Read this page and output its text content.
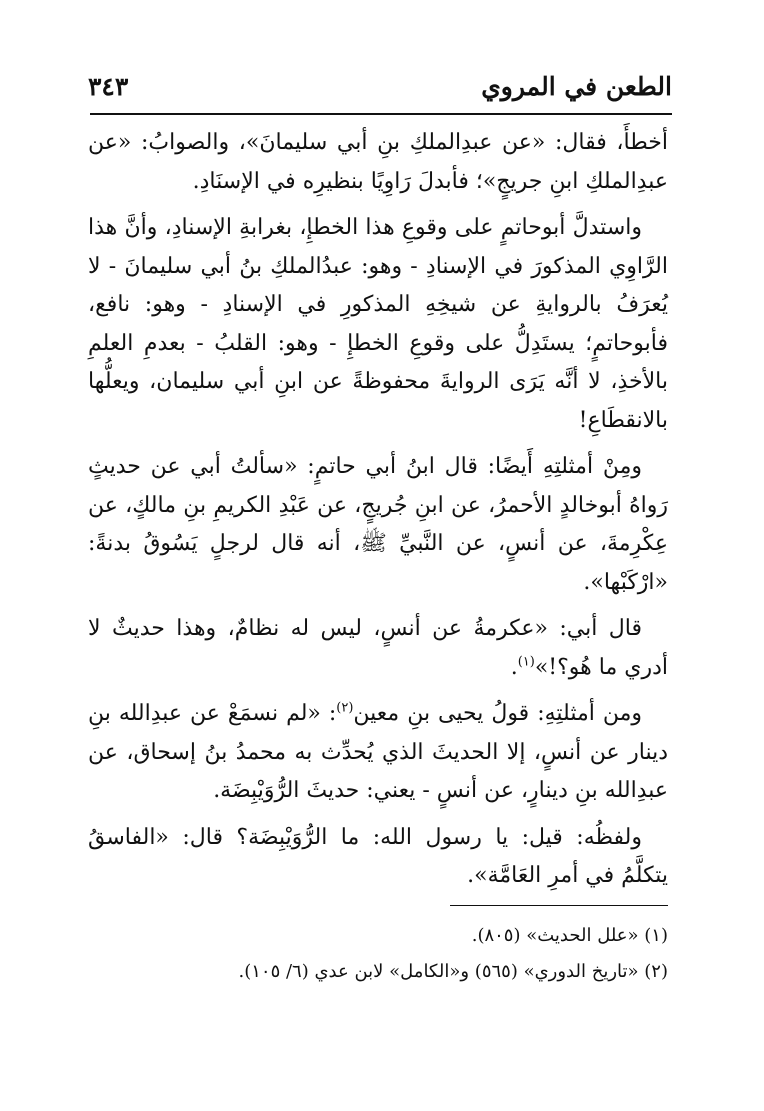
الطعن في المروي
٣٤٣

أخطأَ، فقال: «عن عبدِالملكِ بنِ أبي سليمانَ»، والصوابُ: «عن عبدِالملكِ ابنِ جريجٍ»؛ فأبدلَ رَاوِيًا بنظيرِه في الإسنَادِ.

واستدلَّ أبوحاتمٍ على وقوعِ هذا الخطإِ، بغرابةِ الإسنادِ، وأنَّ هذا الرَّاوِي المذكورَ في الإسنادِ - وهو: عبدُالملكِ بنُ أبي سليمانَ - لا يُعرَفُ بالروايةِ عن شيخِهِ المذكورِ في الإسنادِ - وهو: نافع، فأبوحاتمٍ؛ يستَدِلُّ على وقوعِ الخطإِ - وهو: القلبُ - بعدمِ العلمِ بالأخذِ، لا أنَّه يَرَى الروايةَ محفوظةً عن ابنِ أبي سليمان، ويعلُّها بالانقطَاعِ!

ومِنْ أمثلتِهِ أَيضًا: قال ابنُ أبي حاتمٍ: «سألتُ أبي عن حديثٍ رَواهُ أبوخالدٍ الأحمرُ، عن ابنِ جُريجٍ، عن عَبْدِ الكريمِ بنِ مالكٍ، عن عِكْرِمةَ، عن أنسٍ، عن النَّبيِّ ﷺ، أنه قال لرجلٍ يَسُوقُ بدنةً: «ارْكَبْها».

قال أبي: «عكرمةُ عن أنسٍ، ليس له نظامٌ، وهذا حديثٌ لا أدري ما هُو؟!»$^{(١)}$.

ومن أمثلتِهِ: قولُ يحيى بنِ معين$^{(٢)}$: «لم نسمَعْ عن عبدِالله بنِ دينار عن أنسٍ، إلا الحديثَ الذي يُحدِّث به محمدُ بنُ إسحاق، عن عبدِالله بنِ دينارٍ، عن أنسٍ - يعني: حديثَ الرُّوَيْبِضَة.

ولفظُه: قيل: يا رسول الله: ما الرُّوَيْبِضَة؟ قال: «الفاسقُ يتكلَّمُ في أمرِ العَامَّة».

(١) «علل الحديث» (٨٠٥).
(٢) «تاريخ الدوري» (٥٦٥) و«الكامل» لابن عدي (٦/ ١٠٥).
